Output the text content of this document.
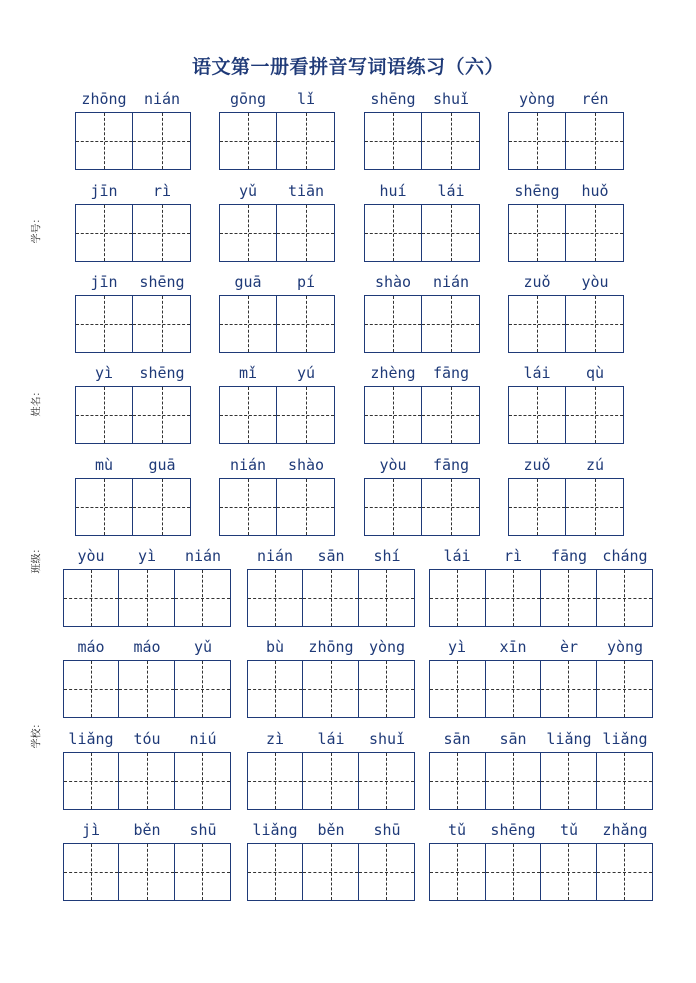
语文第一册看拼音写词语练习（六）
学号：
姓名：
班级：
学校：
zhōng	nián	gōng	lǐ	shēng	shuǐ	yòng	rén
jīn	rì	yǔ	tiān	huí	lái	shēng	huǒ
jīn	shēng	guā	pí	shào	nián	zuǒ	yòu
yì	shēng	mǐ	yú	zhèng	fāng	lái	qù
mù	guā	nián	shào	yòu	fāng	zuǒ	zú
yòu	yì	nián	nián	sān	shí	lái	rì	fāng	cháng
máo	máo	yǔ	bù	zhōng	yòng	yì	xīn	èr	yòng
liǎng	tóu	niú	zì	lái	shuǐ	sān	sān	liǎng liǎng
jì	běn	shū	liǎng	běn	shū	tǔ	shēng	tǔ	zhǎng
